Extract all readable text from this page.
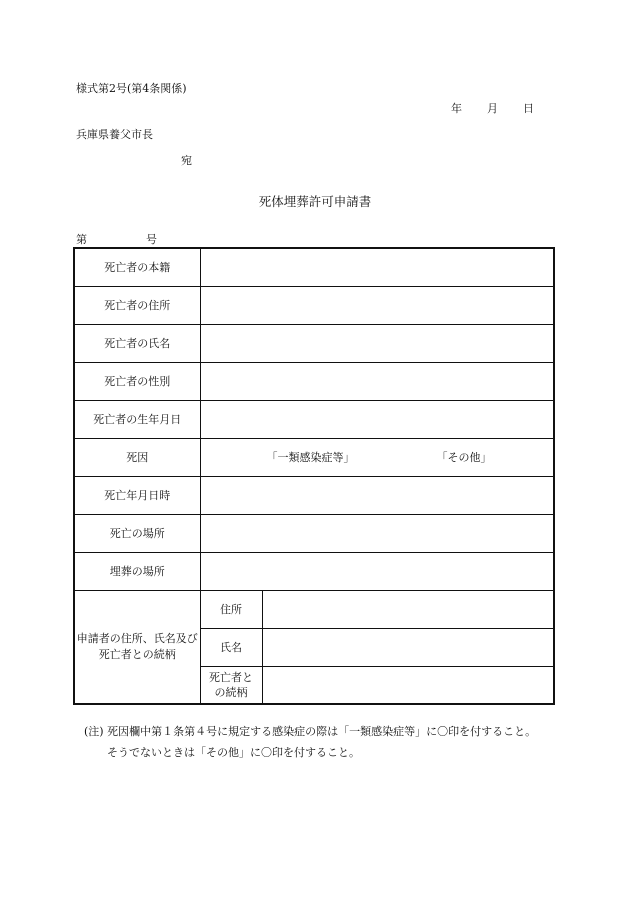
様式第2号(第4条関係)
年 月 日
兵庫県養父市長
宛
死体埋葬許可申請書
第	号
死亡者の本籍		
死亡者の住所		
死亡者の氏名		
死亡者の性別		
死亡者の生年月日		
死因	「一類感染症等」 「その他」	

死亡年月日時		
死亡の場所		
埋葬の場所		

申請者の住所、氏名及び
死亡者との続柄	住所	
	氏名	

	死亡者と
の続柄	

(注) 死因欄中第１条第４号に規定する感染症の際は「一類感染症等」に〇印を付すること。
そうでないときは「その他」に〇印を付すること。
